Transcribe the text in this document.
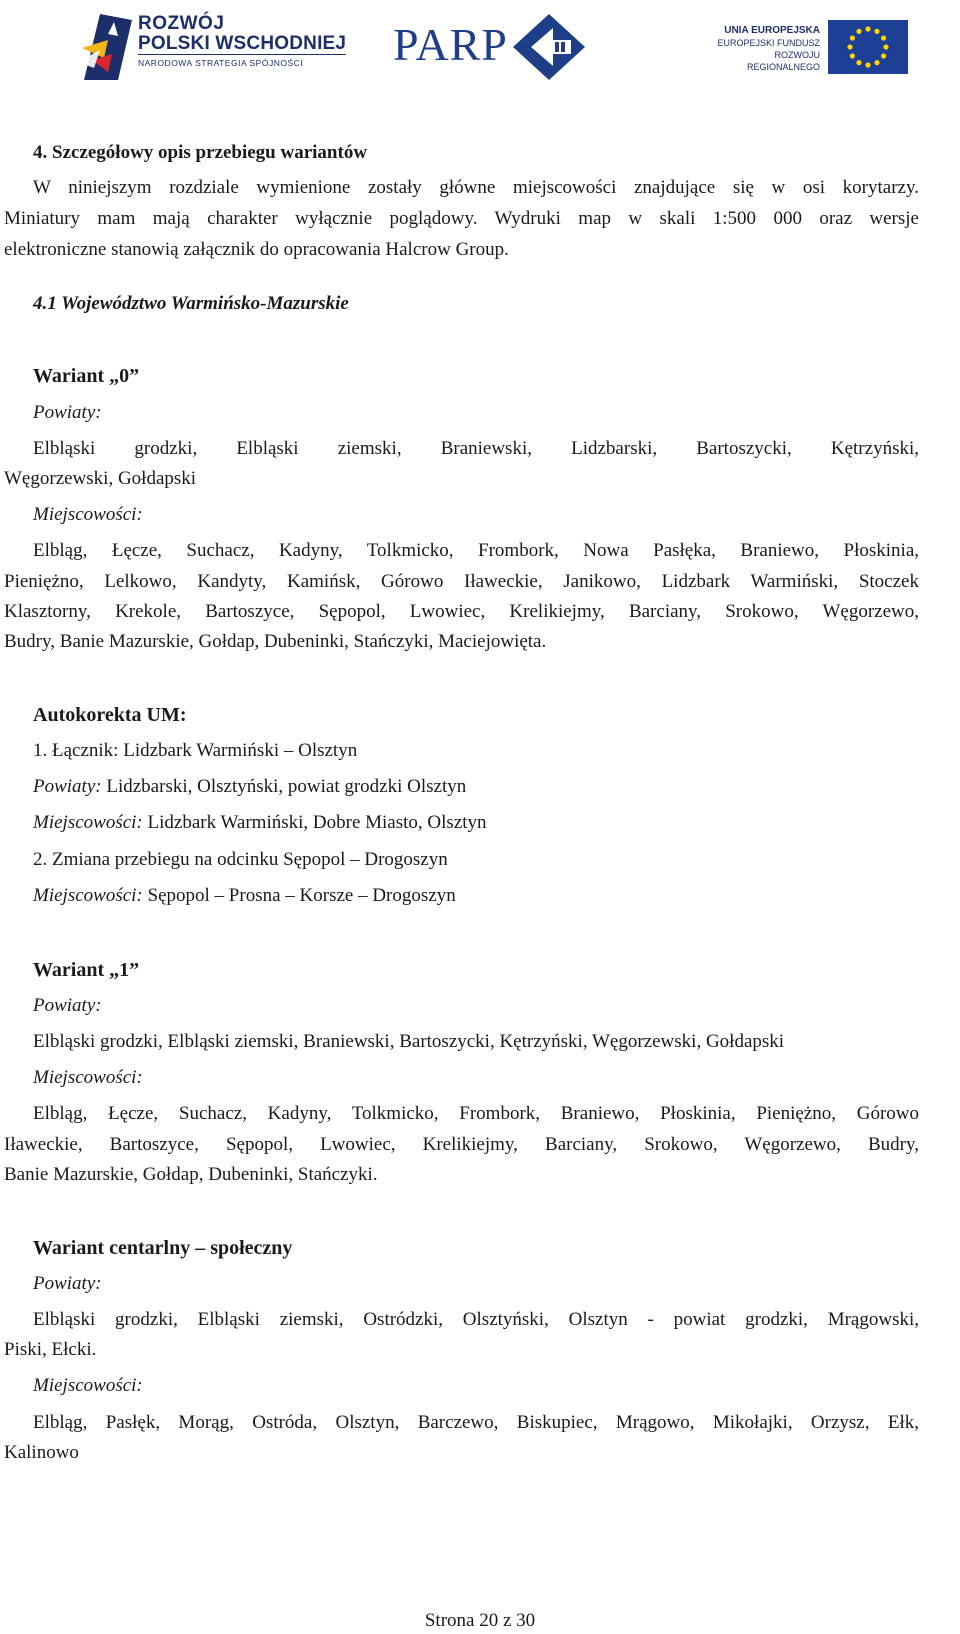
ROZWÓJ
POLSKI WSCHODNIEJ
NARODOWA STRATEGIA SPÓJNOŚCI	PARP	UNIA EUROPEJSKA
EUROPEJSKI FUNDUSZ
ROZWOJU REGIONALNEGO
4. Szczegółowy opis przebiegu wariantów
W niniejszym rozdziale wymienione zostały główne miejscowości znajdujące się w osi korytarzy.
Miniatury mam mają charakter wyłącznie poglądowy. Wydruki map w skali 1:500 000 oraz wersje
elektroniczne stanowią załącznik do opracowania Halcrow Group.
4.1 Województwo Warmińsko-Mazurskie
Wariant „0”
Powiaty:
Elbląski grodzki, Elbląski ziemski, Braniewski, Lidzbarski, Bartoszycki, Kętrzyński,
Węgorzewski, Gołdapski
Miejscowości:
Elbląg, Łęcze, Suchacz, Kadyny, Tolkmicko, Frombork, Nowa Pasłęka, Braniewo, Płoskinia,
Pieniężno, Lelkowo, Kandyty, Kamińsk, Górowo Iławeckie, Janikowo, Lidzbark Warmiński, Stoczek
Klasztorny, Krekole, Bartoszyce, Sępopol, Lwowiec, Krelikiejmy, Barciany, Srokowo, Węgorzewo,
Budry, Banie Mazurskie, Gołdap, Dubeninki, Stańczyki, Maciejowięta.
Autokorekta UM:
1. Łącznik: Lidzbark Warmiński – Olsztyn
Powiaty: Lidzbarski, Olsztyński, powiat grodzki Olsztyn
Miejscowości: Lidzbark Warmiński, Dobre Miasto, Olsztyn
2. Zmiana przebiegu na odcinku Sępopol – Drogoszyn
Miejscowości: Sępopol – Prosna – Korsze – Drogoszyn
Wariant „1”
Powiaty:
Elbląski grodzki, Elbląski ziemski, Braniewski, Bartoszycki, Kętrzyński, Węgorzewski, Gołdapski
Miejscowości:
Elbląg, Łęcze, Suchacz, Kadyny, Tolkmicko, Frombork, Braniewo, Płoskinia, Pieniężno, Górowo
Iławeckie, Bartoszyce, Sępopol, Lwowiec, Krelikiejmy, Barciany, Srokowo, Węgorzewo, Budry,
Banie Mazurskie, Gołdap, Dubeninki, Stańczyki.
Wariant centarlny – społeczny
Powiaty:
Elbląski grodzki, Elbląski ziemski, Ostródzki, Olsztyński, Olsztyn - powiat grodzki, Mrągowski,
Piski, Ełcki.
Miejscowości:
Elbląg, Pasłęk, Morąg, Ostróda, Olsztyn, Barczewo, Biskupiec, Mrągowo, Mikołajki, Orzysz, Ełk,
Kalinowo
Strona 20 z 30
